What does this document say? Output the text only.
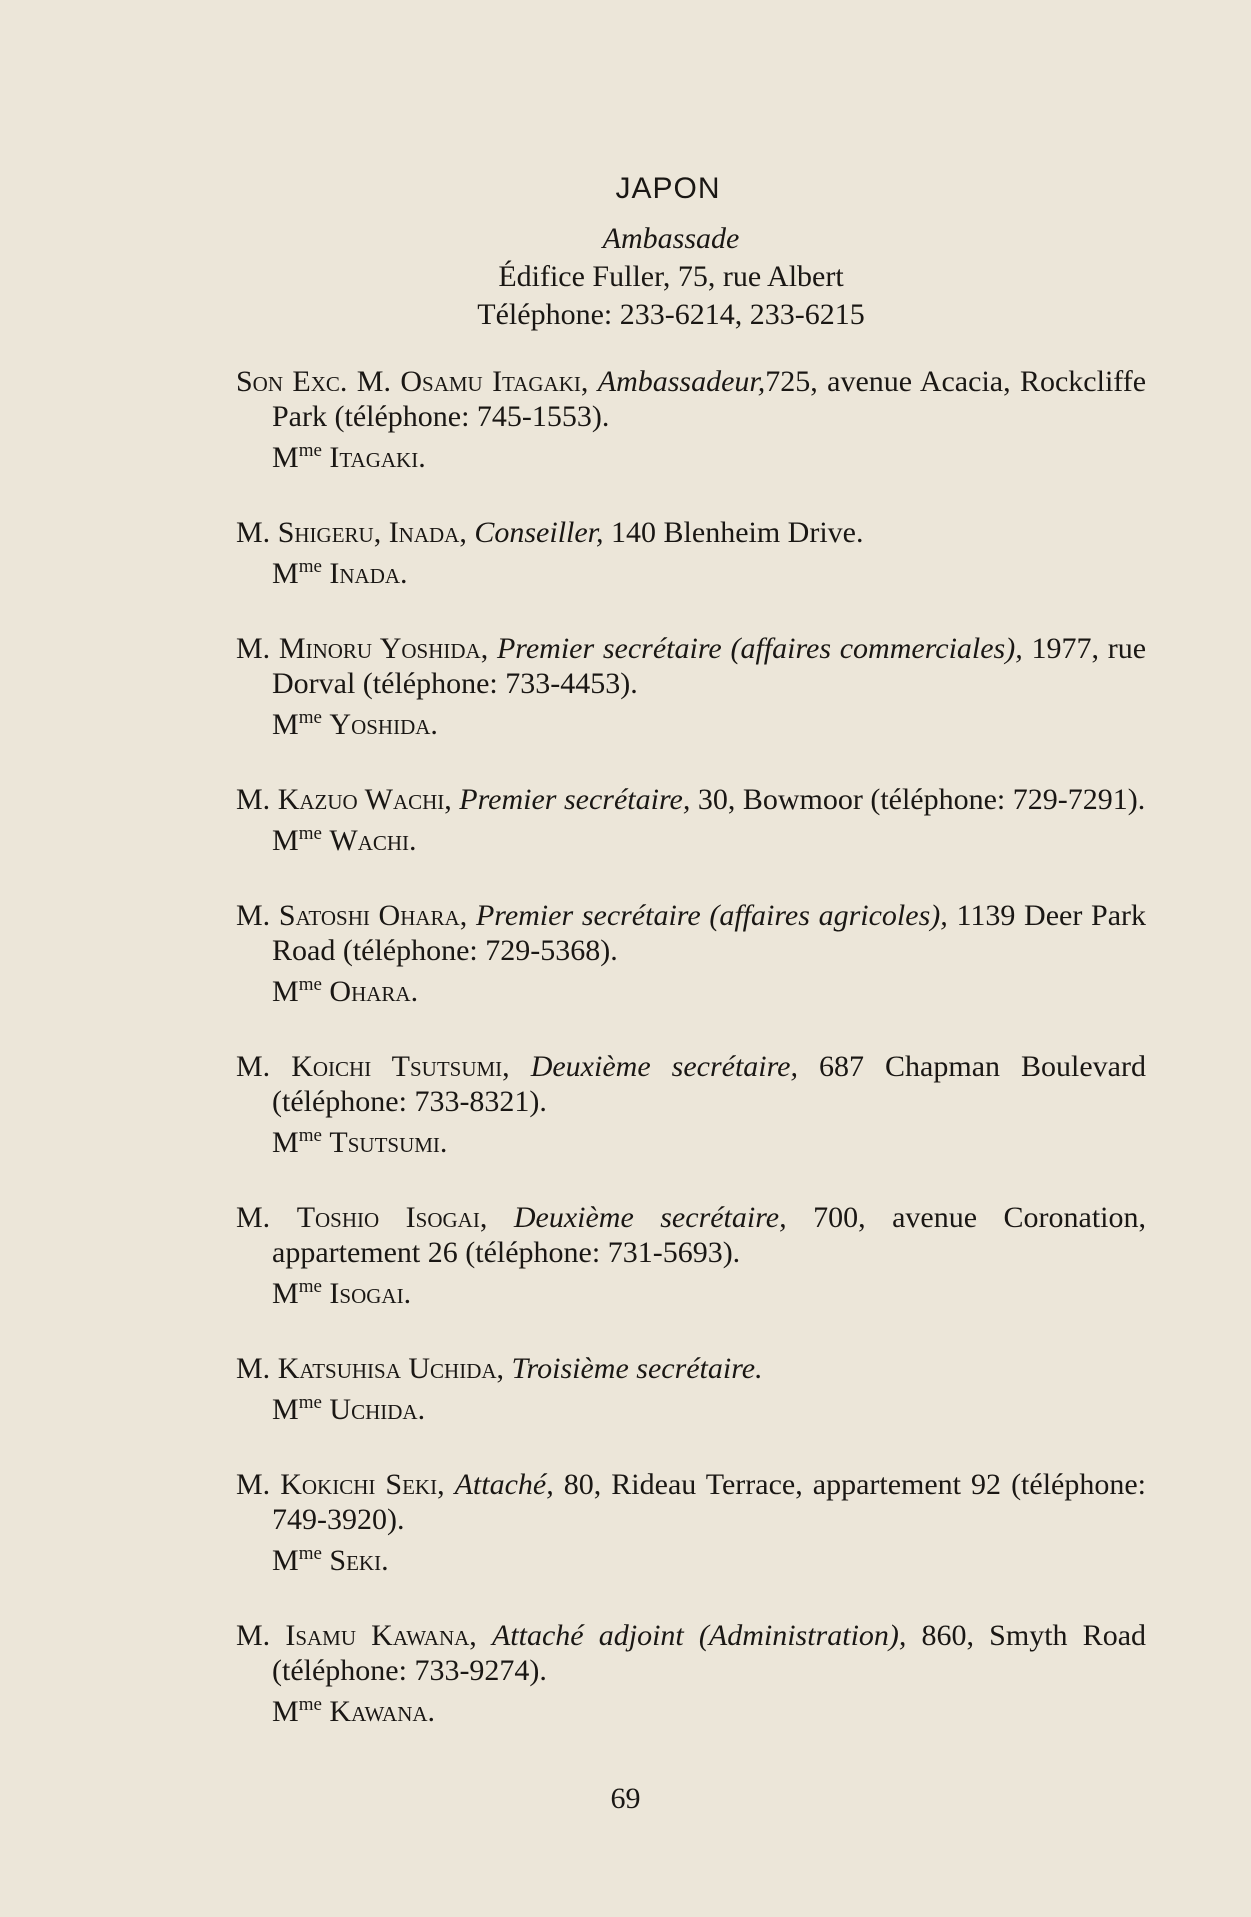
JAPON
Ambassade
Édifice Fuller, 75, rue Albert
Téléphone: 233-6214, 233-6215
Son Exc. M. Osamu Itagaki, Ambassadeur,725, avenue Acacia, Rockcliffe Park (téléphone: 745-1553).
$M^{me}$ Itagaki.
M. Shigeru, Inada, Conseiller, 140 Blenheim Drive.
$M^{me}$ Inada.
M. Minoru Yoshida, Premier secrétaire (affaires commerciales), 1977, rue Dorval (téléphone: 733-4453).
$M^{me}$ Yoshida.
M. Kazuo Wachi, Premier secrétaire, 30, Bowmoor (téléphone: 729-7291).
$M^{me}$ Wachi.
M. Satoshi Ohara, Premier secrétaire (affaires agricoles), 1139 Deer Park Road (téléphone: 729-5368).
$M^{me}$ Ohara.
M. Koichi Tsutsumi, Deuxième secrétaire, 687 Chapman Boulevard (téléphone: 733-8321).
$M^{me}$ Tsutsumi.
M. Toshio Isogai, Deuxième secrétaire, 700, avenue Coronation, appartement 26 (téléphone: 731-5693).
$M^{me}$ Isogai.
M. Katsuhisa Uchida, Troisième secrétaire.
$M^{me}$ Uchida.
M. Kokichi Seki, Attaché, 80, Rideau Terrace, appartement 92 (téléphone: 749-3920).
$M^{me}$ Seki.
M. Isamu Kawana, Attaché adjoint (Administration), 860, Smyth Road (téléphone: 733-9274).
$M^{me}$ Kawana.
69
